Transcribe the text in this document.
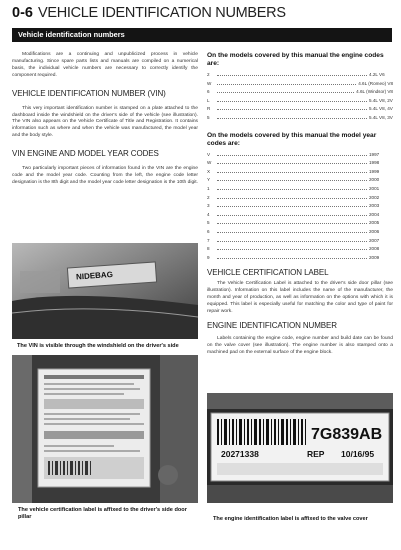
0-6 VEHICLE IDENTIFICATION NUMBERS
Vehicle identification numbers

Modifications are a continuing and unpublicized process in vehicle manufacturing. Since spare parts lists and manuals are compiled on a numerical basis, the individual vehicle numbers are necessary to correctly identify the component required.

VEHICLE IDENTIFICATION NUMBER (VIN)

This very important identification number is stamped on a plate attached to the dashboard inside the windshield on the driver's side of the vehicle (see illustration). The VIN also appears on the Vehicle Certificate of Title and Registration. It contains information such as where and when the vehicle was manufactured, the model year and the body style.

VIN ENGINE AND MODEL YEAR CODES

Two particularly important pieces of information found in the VIN are the engine code and the model year code. Counting from the left, the engine code letter designation is the 8th digit and the model year code letter designation is the 10th digit.

On the models covered by this manual the engine codes are:
2	4.2L V6
W	4.6L (Romeo) V8
6	4.6L (Windsor) V8
L	5.4L V8, 2V
R	5.4L V8, 4V
5	5.4L V8, 3V
On the models covered by this manual the model year codes are:
V	1997
W	1998
X	1999
Y	2000
1	2001
2	2002
3	2003
4	2004
5	2005
6	2006
7	2007
8	2008
9	2009
VEHICLE CERTIFICATION LABEL

The Vehicle Certification Label is attached to the driver's side door pillar (see illustration). Information on this label includes the name of the manufacturer, the month and year of production, as well as information on the options with which it is equipped. This label is especially useful for matching the color and type of paint for repair work.

ENGINE IDENTIFICATION NUMBER

Labels containing the engine code, engine number and build date can be found on the valve cover (see illustration). The engine number is also stamped onto a machined pad on the external surface of the engine block.

NIDEBAG
The VIN is visible through the windshield on the driver's side
The vehicle certification label is affixed to the driver's side door pillar
7G839AB
20271338	REP 10/16/95
The engine identification label is affixed to the valve cover
